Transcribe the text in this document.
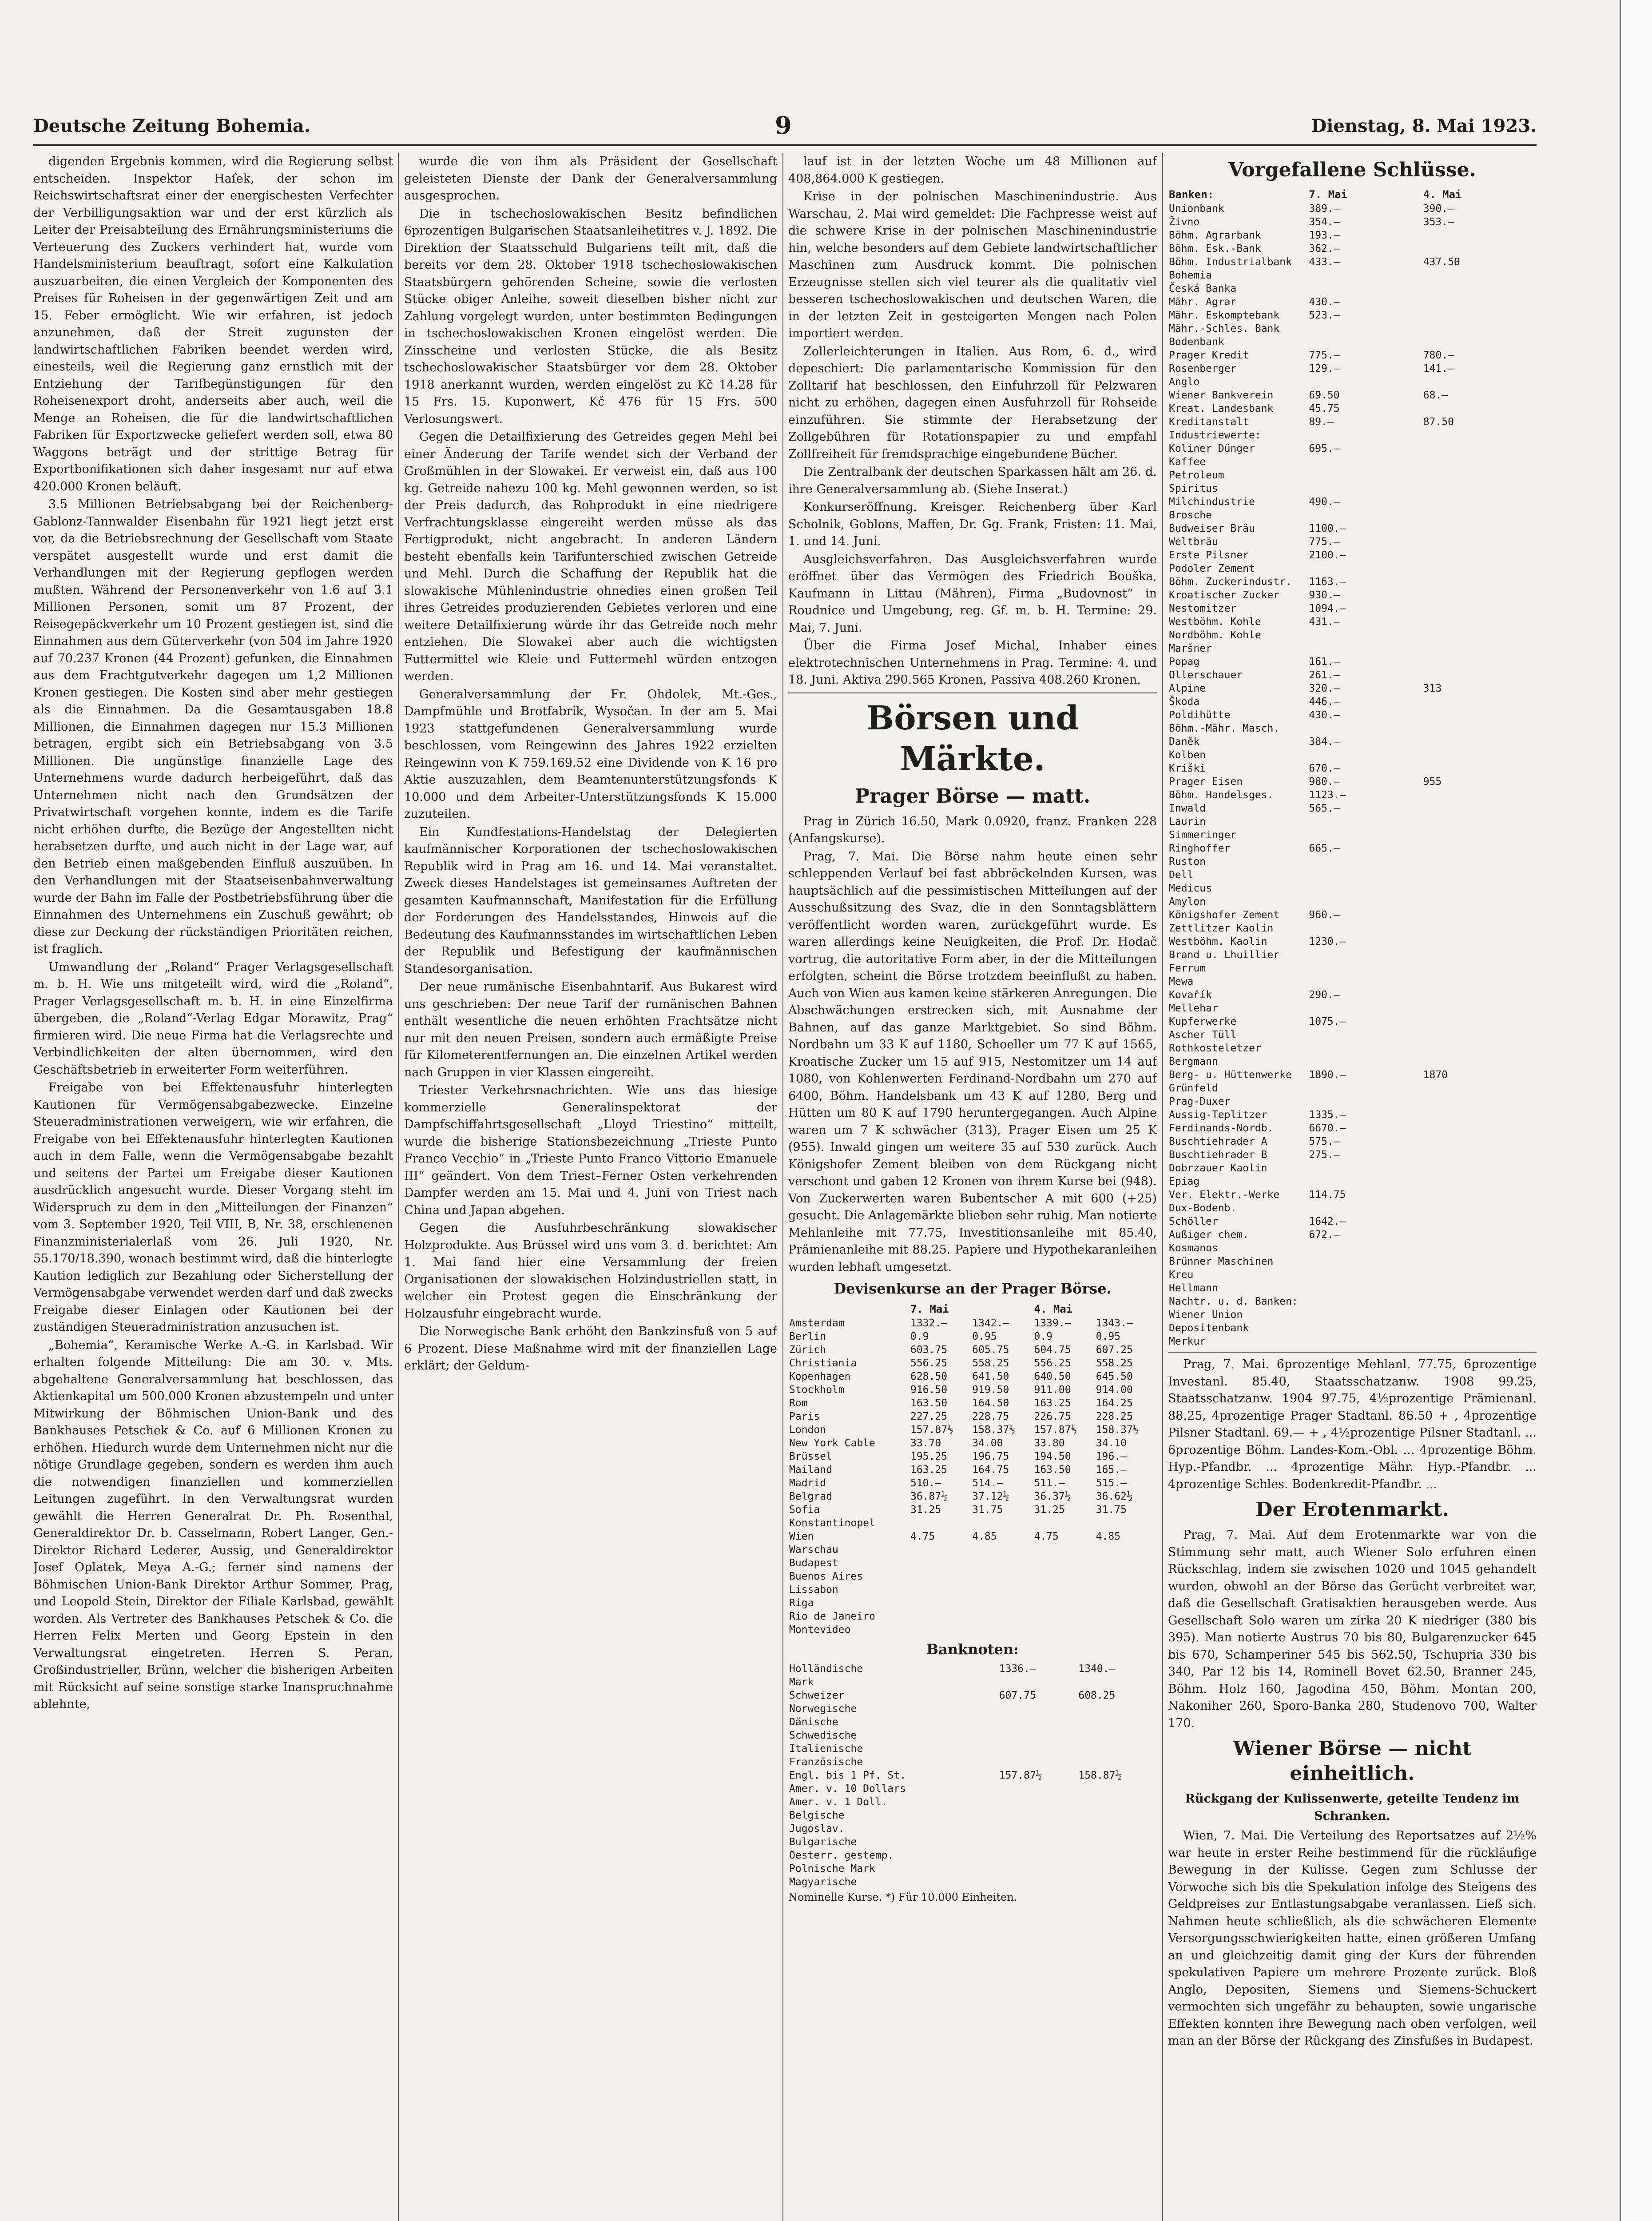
Deutsche Zeitung Bohemia.	9	Dienstag, 8. Mai 1923.

digenden Ergebnis kommen, wird die Regierung selbst entscheiden. Inspektor Haſek, der schon im Reichswirtschaftsrat einer der energischesten Verfechter der Verbilligungsaktion war und der erst kürzlich als Leiter der Preisabteilung des Ernährungsministeriums die Verteuerung des Zuckers verhindert hat, wurde vom Handelsministerium beauftragt, sofort eine Kalkulation auszuarbeiten, die einen Vergleich der Komponenten des Preises für Roheisen in der gegenwärtigen Zeit und am 15. Feber ermöglicht. Wie wir erfahren, ist jedoch anzunehmen, daß der Streit zugunsten der landwirtschaftlichen Fabriken beendet werden wird, einesteils, weil die Regierung ganz ernstlich mit der Entziehung der Tarifbegünstigungen für den Roheisenexport droht, anderseits aber auch, weil die Menge an Roheisen, die für die landwirtschaftlichen Fabriken für Exportzwecke geliefert werden soll, etwa 80 Waggons beträgt und der strittige Betrag für Exportbonifikationen sich daher insgesamt nur auf etwa 420.000 Kronen beläuft.

3.5 Millionen Betriebsabgang bei der Reichenberg-Gablonz-Tannwalder Eisenbahn für 1921 liegt jetzt erst vor, da die Betriebsrechnung der Gesellschaft vom Staate verspätet ausgestellt wurde und erst damit die Verhandlungen mit der Regierung gepflogen werden mußten. Während der Personenverkehr von 1.6 auf 3.1 Millionen Personen, somit um 87 Prozent, der Reisegepäckverkehr um 10 Prozent gestiegen ist, sind die Einnahmen aus dem Güterverkehr (von 504 im Jahre 1920 auf 70.237 Kronen (44 Prozent) gefunken, die Einnahmen aus dem Frachtgutverkehr dagegen um 1,2 Millionen Kronen gestiegen. Die Kosten sind aber mehr gestiegen als die Einnahmen. Da die Gesamtausgaben 18.8 Millionen, die Einnahmen dagegen nur 15.3 Millionen betragen, ergibt sich ein Betriebsabgang von 3.5 Millionen. Die ungünstige finanzielle Lage des Unternehmens wurde dadurch herbeigeführt, daß das Unternehmen nicht nach den Grundsätzen der Privatwirtschaft vorgehen konnte, indem es die Tarife nicht erhöhen durfte, die Bezüge der Angestellten nicht herabsetzen durfte, und auch nicht in der Lage war, auf den Betrieb einen maßgebenden Einfluß auszuüben. In den Verhandlungen mit der Staatseisenbahnverwaltung wurde der Bahn im Falle der Postbetriebsführung über die Einnahmen des Unternehmens ein Zuschuß gewährt; ob diese zur Deckung der rückständigen Prioritäten reichen, ist fraglich.

Umwandlung der „Roland“ Prager Verlagsgesellschaft m. b. H. Wie uns mitgeteilt wird, wird die „Roland“, Prager Verlagsgesellschaft m. b. H. in eine Einzelfirma übergeben, die „Roland“-Verlag Edgar Morawitz, Prag“ firmieren wird. Die neue Firma hat die Verlagsrechte und Verbindlichkeiten der alten übernommen, wird den Geschäftsbetrieb in erweiterter Form weiterführen.

Freigabe von bei Effektenausfuhr hinterlegten Kautionen für Vermögensabgabezwecke. Einzelne Steueradministrationen verweigern, wie wir erfahren, die Freigabe von bei Effektenausfuhr hinterlegten Kautionen auch in dem Falle, wenn die Vermögensabgabe bezahlt und seitens der Partei um Freigabe dieser Kautionen ausdrücklich angesucht wurde. Dieser Vorgang steht im Widerspruch zu dem in den „Mitteilungen der Finanzen“ vom 3. September 1920, Teil VIII, B, Nr. 38, erschienenen Finanzministerialerlaß vom 26. Juli 1920, Nr. 55.170/18.390, wonach bestimmt wird, daß die hinterlegte Kaution lediglich zur Bezahlung oder Sicherstellung der Vermögensabgabe verwendet werden darf und daß zwecks Freigabe dieser Einlagen oder Kautionen bei der zuständigen Steueradministration anzusuchen ist.

„Bohemia“, Keramische Werke A.-G. in Karlsbad. Wir erhalten folgende Mitteilung: Die am 30. v. Mts. abgehaltene Generalversammlung hat beschlossen, das Aktienkapital um 500.000 Kronen abzustempeln und unter Mitwirkung der Böhmischen Union-Bank und des Bankhauses Petschek & Co. auf 6 Millionen Kronen zu erhöhen. Hiedurch wurde dem Unternehmen nicht nur die nötige Grundlage gegeben, sondern es werden ihm auch die notwendigen finanziellen und kommerziellen Leitungen zugeführt. In den Verwaltungsrat wurden gewählt die Herren Generalrat Dr. Ph. Rosenthal, Generaldirektor Dr. b. Casselmann, Robert Langer, Gen.-Direktor Richard Lederer, Aussig, und Generaldirektor Josef Oplatek, Meya A.-G.; ferner sind namens der Böhmischen Union-Bank Direktor Arthur Sommer, Prag, und Leopold Stein, Direktor der Filiale Karlsbad, gewählt worden. Als Vertreter des Bankhauses Petschek & Co. die Herren Felix Merten und Georg Epstein in den Verwaltungsrat eingetreten. Herren S. Peran, Großindustrieller, Brünn, welcher die bisherigen Arbeiten mit Rücksicht auf seine sonstige starke Inanspruchnahme ablehnte,

wurde die von ihm als Präsident der Gesellschaft geleisteten Dienste der Dank der Generalversammlung ausgesprochen.

Die in tschechoslowakischen Besitz befindlichen 6prozentigen Bulgarischen Staatsanleihetitres v. J. 1892. Die Direktion der Staatsschuld Bulgariens teilt mit, daß die bereits vor dem 28. Oktober 1918 tschechoslowakischen Staatsbürgern gehörenden Scheine, sowie die verlosten Stücke obiger Anleihe, soweit dieselben bisher nicht zur Zahlung vorgelegt wurden, unter bestimmten Bedingungen in tschechoslowakischen Kronen eingelöst werden. Die Zinsscheine und verlosten Stücke, die als Besitz tschechoslowakischer Staatsbürger vor dem 28. Oktober 1918 anerkannt wurden, werden eingelöst zu Kč 14.28 für 15 Frs. 15. Kuponwert, Kč 476 für 15 Frs. 500 Verlosungswert.

Gegen die Detailfixierung des Getreides gegen Mehl bei einer Änderung der Tarife wendet sich der Verband der Großmühlen in der Slowakei. Er verweist ein, daß aus 100 kg. Getreide nahezu 100 kg. Mehl gewonnen werden, so ist der Preis dadurch, das Rohprodukt in eine niedrigere Verfrachtungsklasse eingereiht werden müsse als das Fertigprodukt, nicht angebracht. In anderen Ländern besteht ebenfalls kein Tarifunterschied zwischen Getreide und Mehl. Durch die Schaffung der Republik hat die slowakische Mühlenindustrie ohnedies einen großen Teil ihres Getreides produzierenden Gebietes verloren und eine weitere Detailfixierung würde ihr das Getreide noch mehr entziehen. Die Slowakei aber auch die wichtigsten Futtermittel wie Kleie und Futtermehl würden entzogen werden.

Generalversammlung der Fr. Ohdolek, Mt.-Ges., Dampfmühle und Brotfabrik, Wysočan. In der am 5. Mai 1923 stattgefundenen Generalversammlung wurde beschlossen, vom Reingewinn des Jahres 1922 erzielten Reingewinn von K 759.169.52 eine Dividende von K 16 pro Aktie auszuzahlen, dem Beamtenunterstützungsfonds K 10.000 und dem Arbeiter-Unterstützungsfonds K 15.000 zuzuteilen.

Ein Kundfestations-Handelstag der Delegierten kaufmännischer Korporationen der tschechoslowakischen Republik wird in Prag am 16. und 14. Mai veranstaltet. Zweck dieses Handelstages ist gemeinsames Auftreten der gesamten Kaufmannschaft, Manifestation für die Erfüllung der Forderungen des Handelsstandes, Hinweis auf die Bedeutung des Kaufmannsstandes im wirtschaftlichen Leben der Republik und Befestigung der kaufmännischen Standesorganisation.

Der neue rumänische Eisenbahntarif. Aus Bukarest wird uns geschrieben: Der neue Tarif der rumänischen Bahnen enthält wesentliche die neuen erhöhten Frachtsätze nicht nur mit den neuen Preisen, sondern auch ermäßigte Preise für Kilometerentfernungen an. Die einzelnen Artikel werden nach Gruppen in vier Klassen eingereiht.

Triester Verkehrsnachrichten. Wie uns das hiesige kommerzielle Generalinspektorat der Dampfschiffahrtsgesellschaft „Lloyd Triestino“ mitteilt, wurde die bisherige Stationsbezeichnung „Trieste Punto Franco Vecchio“ in „Trieste Punto Franco Vittorio Emanuele III“ geändert. Von dem Triest–Ferner Osten verkehrenden Dampfer werden am 15. Mai und 4. Juni von Triest nach China und Japan abgehen.

Gegen die Ausfuhrbeschränkung slowakischer Holzprodukte. Aus Brüssel wird uns vom 3. d. berichtet: Am 1. Mai fand hier eine Versammlung der freien Organisationen der slowakischen Holzindustriellen statt, in welcher ein Protest gegen die Einschränkung der Holzausfuhr eingebracht wurde.

Die Norwegische Bank erhöht den Bankzinsfuß von 5 auf 6 Prozent. Diese Maßnahme wird mit der finanziellen Lage erklärt; der Geldum-

lauf ist in der letzten Woche um 48 Millionen auf 408,864.000 K gestiegen.

Krise in der polnischen Maschinenindustrie. Aus Warschau, 2. Mai wird gemeldet: Die Fachpresse weist auf die schwere Krise in der polnischen Maschinenindustrie hin, welche besonders auf dem Gebiete landwirtschaftlicher Maschinen zum Ausdruck kommt. Die polnischen Erzeugnisse stellen sich viel teurer als die qualitativ viel besseren tschechoslowakischen und deutschen Waren, die in der letzten Zeit in gesteigerten Mengen nach Polen importiert werden.

Zollerleichterungen in Italien. Aus Rom, 6. d., wird depeschiert: Die parlamentarische Kommission für den Zolltarif hat beschlossen, den Einfuhrzoll für Pelzwaren nicht zu erhöhen, dagegen einen Ausfuhrzoll für Rohseide einzuführen. Sie stimmte der Herabsetzung der Zollgebühren für Rotationspapier zu und empfahl Zollfreiheit für fremdsprachige eingebundene Bücher.

Die Zentralbank der deutschen Sparkassen hält am 26. d. ihre Generalversammlung ab. (Siehe Inserat.)

Konkurseröffnung. Kreisger. Reichenberg über Karl Scholnik, Goblons, Maffen, Dr. Gg. Frank, Fristen: 11. Mai, 1. und 14. Juni.

Ausgleichsverfahren. Das Ausgleichsverfahren wurde eröffnet über das Vermögen des Friedrich Bouška, Kaufmann in Littau (Mähren), Firma „Budovnost“ in Roudnice und Umgebung, reg. Gf. m. b. H. Termine: 29. Mai, 7. Juni.

Über die Firma Josef Michal, Inhaber eines elektrotechnischen Unternehmens in Prag. Termine: 4. und 18. Juni. Aktiva 290.565 Kronen, Passiva 408.260 Kronen.

Börsen und Märkte.
Prager Börse — matt.

Prag in Zürich 16.50, Mark 0.0920, franz. Franken 228 (Anfangskurse).

Prag, 7. Mai. Die Börse nahm heute einen sehr schleppenden Verlauf bei fast abbröckelnden Kursen, was hauptsächlich auf die pessimistischen Mitteilungen auf der Ausschußsitzung des Svaz, die in den Sonntagsblättern veröffentlicht worden waren, zurückgeführt wurde. Es waren allerdings keine Neuigkeiten, die Prof. Dr. Hodač vortrug, die autoritative Form aber, in der die Mitteilungen erfolgten, scheint die Börse trotzdem beeinflußt zu haben. Auch von Wien aus kamen keine stärkeren Anregungen. Die Abschwächungen erstrecken sich, mit Ausnahme der Bahnen, auf das ganze Marktgebiet. So sind Böhm. Nordbahn um 33 K auf 1180, Schoeller um 77 K auf 1565, Kroatische Zucker um 15 auf 915, Nestomitzer um 14 auf 1080, von Kohlenwerten Ferdinand-Nordbahn um 270 auf 6400, Böhm. Handelsbank um 43 K auf 1280, Berg und Hütten um 80 K auf 1790 heruntergegangen. Auch Alpine waren um 7 K schwächer (313), Prager Eisen um 25 K (955). Inwald gingen um weitere 35 auf 530 zurück. Auch Königshofer Zement bleiben von dem Rückgang nicht verschont und gaben 12 Kronen von ihrem Kurse bei (948). Von Zuckerwerten waren Bubentscher A mit 600 (+25) gesucht. Die Anlagemärkte blieben sehr ruhig. Man notierte Mehlanleihe mit 77.75, Investitionsanleihe mit 85.40, Prämienanleihe mit 88.25. Papiere und Hypothekaranleihen wurden lebhaft umgesetzt.

Devisenkurse an der Prager Börse.
	7. Mai		4. Mai	
Amsterdam	1332.—	1342.—	1339.—	1343.—
Berlin	0.9	0.95	0.9	0.95
Zürich	603.75	605.75	604.75	607.25
Christiania	556.25	558.25	556.25	558.25
Kopenhagen	628.50	641.50	640.50	645.50
Stockholm	916.50	919.50	911.00	914.00
Rom	163.50	164.50	163.25	164.25
Paris	227.25	228.75	226.75	228.25
London	157.87½	158.37½	157.87½	158.37½
New York Cable	33.70	34.00	33.80	34.10
Brüssel	195.25	196.75	194.50	196.—
Mailand	163.25	164.75	163.50	165.—
Madrid	510.—	514.—	511.—	515.—
Belgrad	36.87½	37.12½	36.37½	36.62½
Sofia	31.25	31.75	31.25	31.75
Konstantinopel				
Wien	4.75	4.85	4.75	4.85
Warschau				
Budapest				
Buenos Aires				
Lissabon				
Riga				
Rio de Janeiro				
Montevideo				
Banknoten:
Holländische	1336.—	1340.—
Mark		
Schweizer	607.75	608.25
Norwegische		
Dänische		
Schwedische		
Italienische		
Französische		
Engl. bis 1 Pf. St.	157.87½	158.87½
Amer. v. 10 Dollars		
Amer. v. 1 Doll.		
Belgische		
Jugoslav.		
Bulgarische		
Oesterr. gestemp.		
Polnische Mark		
Magyarische		
Nominelle Kurse. *) Für 10.000 Einheiten.
Vorgefallene Schlüsse.
Banken:	7. Mai	4. Mai
Unionbank	389.—	390.—
Živno	354.—	353.—
Böhm. Agrarbank	193.—	
Böhm. Esk.-Bank	362.—	
Böhm. Industrialbank	433.—	437.50
Bohemia		
Česká Banka		
Mähr. Agrar	430.—	
Mähr. Eskomptebank	523.—	
Mähr.-Schles. Bank		
Bodenbank		
Prager Kredit	775.—	780.—
Rosenberger	129.—	141.—
Anglo		
Wiener Bankverein	69.50	68.—
Kreat. Landesbank	45.75	
Kreditanstalt	89.—	87.50
Industriewerte:		
Koliner Dünger	695.—	
Kaffee		
Petroleum		
Spiritus		
Milchindustrie	490.—	
Brosche		
Budweiser Bräu	1100.—	
Weltbräu	775.—	
Erste Pilsner	2100.—	
Podoler Zement		
Böhm. Zuckerindustr.	1163.—	
Kroatischer Zucker	930.—	
Nestomitzer	1094.—	
Westböhm. Kohle	431.—	
Nordböhm. Kohle		
Maršner		
Popag	161.—	
Ollerschauer	261.—	
Alpine	320.—	313
Škoda	446.—	
Poldihütte	430.—	
Böhm.-Mähr. Masch.		
Daněk	384.—	
Kolben		
Kriški	670.—	
Prager Eisen	980.—	955
Böhm. Handelsges.	1123.—	
Inwald	565.—	
Laurin		
Simmeringer		
Ringhoffer	665.—	
Ruston		
Dell		
Medicus		
Amylon		
Königshofer Zement	960.—	
Zettlitzer Kaolin		
Westböhm. Kaolin	1230.—	
Brand u. Lhuillier		
Ferrum		
Mewa		
Kovařík	290.—	
Mellehar		
Kupferwerke	1075.—	
Ascher Tüll		
Rothkosteletzer		
Bergmann		
Berg- u. Hüttenwerke	1890.—	1870
Grünfeld		
Prag-Duxer		
Aussig-Teplitzer	1335.—	
Ferdinands-Nordb.	6670.—	
Buschtiehrader A	575.—	
Buschtiehrader B	275.—	
Dobrzauer Kaolin		
Epiag		
Ver. Elektr.-Werke	114.75	
Dux-Bodenb.		
Schöller	1642.—	
Außiger chem.	672.—	
Kosmanos		
Brünner Maschinen		
Kreu		
Hellmann		
Nachtr. u. d. Banken:		
Wiener Union		
Depositenbank		
Merkur		

Prag, 7. Mai. 6prozentige Mehlanl. 77.75, 6prozentige Investanl. 85.40, Staatsschatzanw. 1908 99.25, Staatsschatzanw. 1904 97.75, 4½prozentige Prämienanl. 88.25, 4prozentige Prager Stadtanl. 86.50 + , 4prozentige Pilsner Stadtanl. 69.— + , 4½prozentige Pilsner Stadtanl. ... 6prozentige Böhm. Landes-Kom.-Obl. ... 4prozentige Böhm. Hyp.-Pfandbr. ... 4prozentige Mähr. Hyp.-Pfandbr. ... 4prozentige Schles. Bodenkredit-Pfandbr. ...

Der Erotenmarkt.

Prag, 7. Mai. Auf dem Erotenmarkte war von die Stimmung sehr matt, auch Wiener Solo erfuhren einen Rückschlag, indem sie zwischen 1020 und 1045 gehandelt wurden, obwohl an der Börse das Gerücht verbreitet war, daß die Gesellschaft Gratisaktien herausgeben werde. Aus Gesellschaft Solo waren um zirka 20 K niedriger (380 bis 395). Man notierte Austrus 70 bis 80, Bulgarenzucker 645 bis 670, Schamperiner 545 bis 562.50, Tschupria 330 bis 340, Par 12 bis 14, Rominell Bovet 62.50, Branner 245, Böhm. Holz 160, Jagodina 450, Böhm. Montan 200, Nakoniher 260, Sporo-Banka 280, Studenovo 700, Walter 170.

Wiener Börse — nicht einheitlich.
Rückgang der Kulissenwerte, geteilte Tendenz im Schranken.

Wien, 7. Mai. Die Verteilung des Reportsatzes auf 2½% war heute in erster Reihe bestimmend für die rückläufige Bewegung in der Kulisse. Gegen zum Schlusse der Vorwoche sich bis die Spekulation infolge des Steigens des Geldpreises zur Entlastungsabgabe veranlassen. Ließ sich. Nahmen heute schließlich, als die schwächeren Elemente Versorgungsschwierigkeiten hatte, einen größeren Umfang an und gleichzeitig damit ging der Kurs der führenden spekulativen Papiere um mehrere Prozente zurück. Bloß Anglo, Depositen, Siemens und Siemens-Schuckert vermochten sich ungefähr zu behaupten, sowie ungarische Effekten konnten ihre Bewegung nach oben verfolgen, weil man an der Börse der Rückgang des Zinsfußes in Budapest.
